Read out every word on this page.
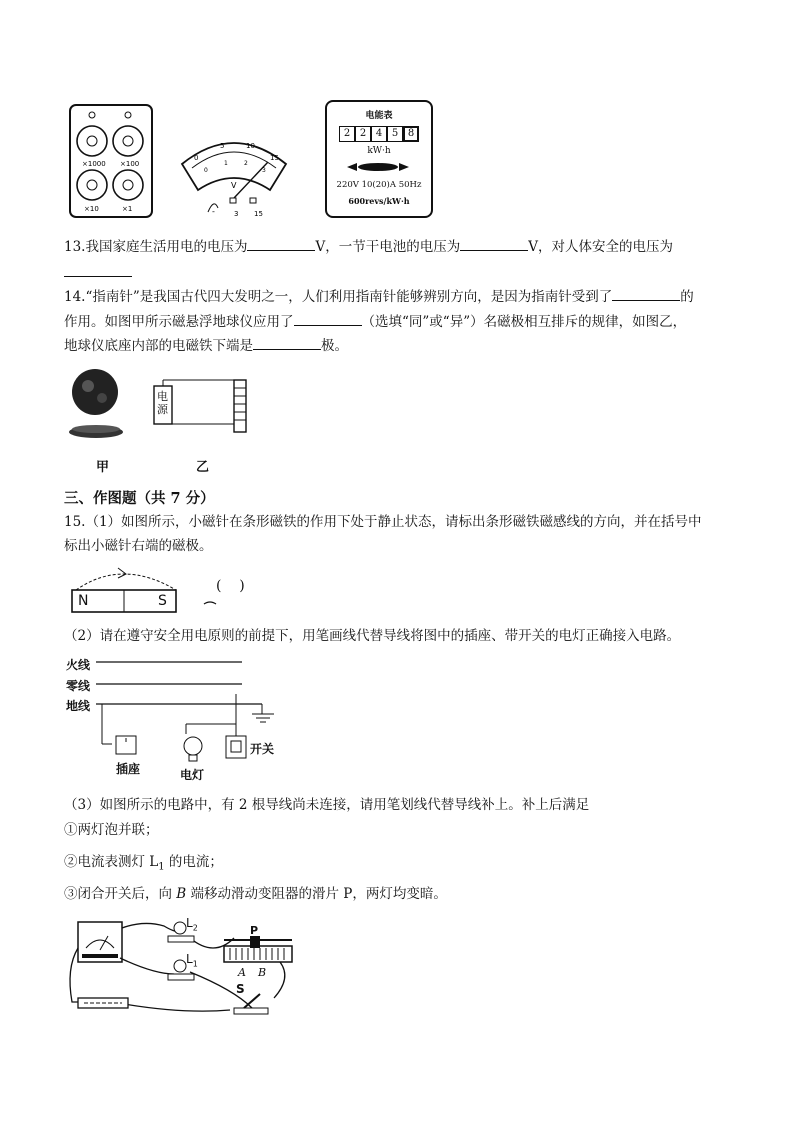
×1000 ×100
×10	×1
0
5	10
15
0
1	2
3
V
-	3 15
电能表
2 2 4 5 8
kW·h
220V 10(20)A 50Hz
600revs/kW·h
13.我国家庭生活用电的电压为	V，一节干电池的电压为	V，对人体安全的电压为
14.“指南针”是我国古代四大发明之一，人们利用指南针能够辨别方向，是因为指南针受到了	的
作用。如图甲所示磁悬浮地球仪应用了	（选填“同”或“异”）名磁极相互排斥的规律，如图乙，
地球仪底座内部的电磁铁下端是	极。
甲
电源
乙
三、作图题（共 7 分）
15.（1）如图所示，小磁针在条形磁铁的作用下处于静止状态，请标出条形磁铁磁感线的方向，并在括号中
标出小磁针右端的磁极。
N	S
(    )
（2）请在遵守安全用电原则的前提下，用笔画线代替导线将图中的插座、带开关的电灯正确接入电路。
火线
零线
地线
插座	电灯
开关
（3）如图所示的电路中，有 2 根导线尚未连接，请用笔划线代替导线补上。补上后满足
①两灯泡并联；
②电流表测灯 $L_1$ 的电流；
③闭合开关后，向 B 端移动滑动变阻器的滑片 P，两灯均变暗。
$L_2$
$L_1$
P
A B
S
